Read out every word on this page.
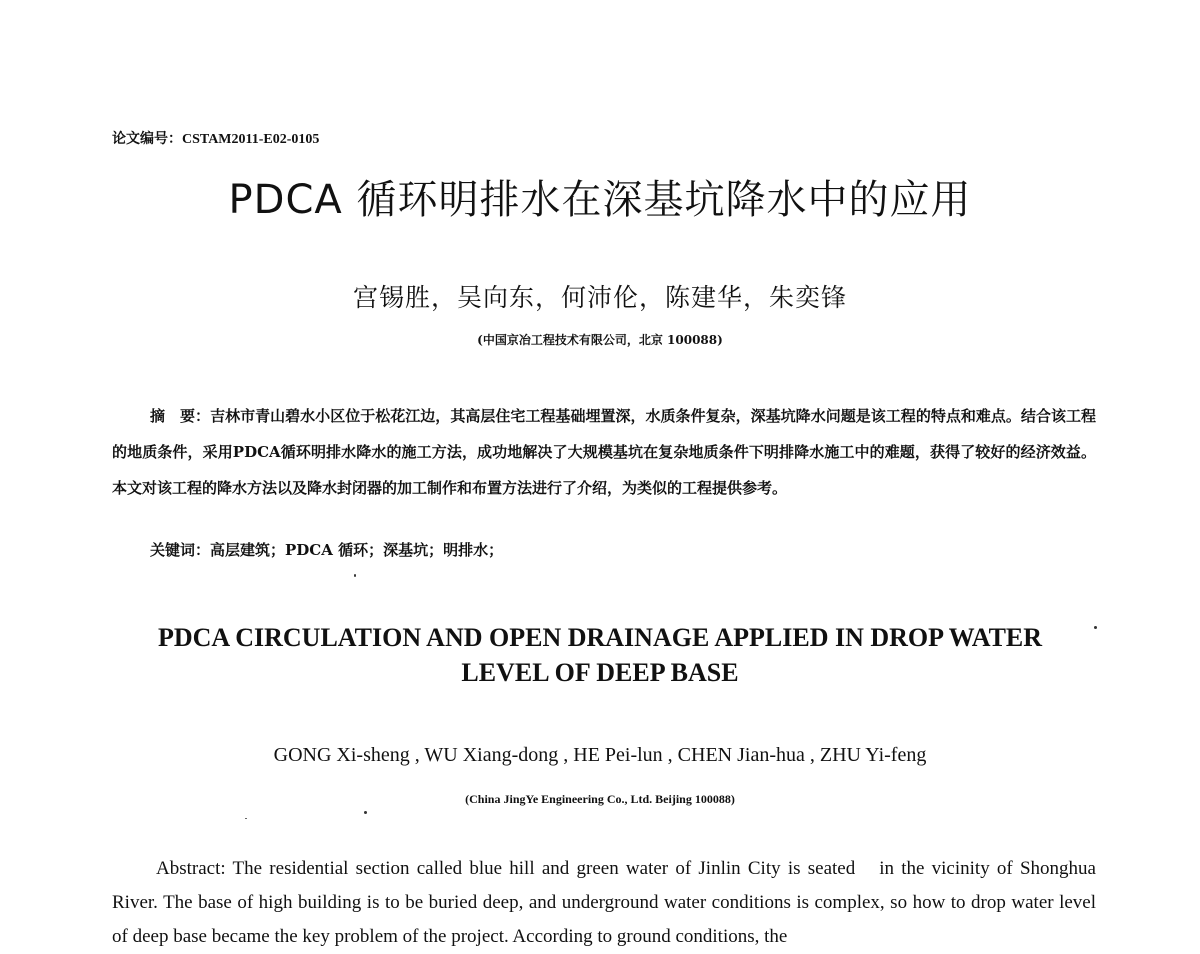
论文编号：CSTAM2011-E02-0105
PDCA 循环明排水在深基坑降水中的应用
宫锡胜，吴向东，何沛伦，陈建华，朱奕锋
(中国京冶工程技术有限公司，北京 100088)

摘　要：吉林市青山碧水小区位于松花江边，其高层住宅工程基础埋置深，水质条件复杂，深基坑降水问题是该工程的特点和难点。结合该工程的地质条件，采用PDCA循环明排水降水的施工方法，成功地解决了大规模基坑在复杂地质条件下明排降水施工中的难题，获得了较好的经济效益。本文对该工程的降水方法以及降水封闭器的加工制作和布置方法进行了介绍，为类似的工程提供参考。

关键词：高层建筑；PDCA 循环；深基坑；明排水；

PDCA CIRCULATION AND OPEN DRAINAGE APPLIED IN DROP WATER
LEVEL OF DEEP BASE
GONG Xi-sheng , WU Xiang-dong , HE Pei-lun , CHEN Jian-hua , ZHU Yi-feng
(China JingYe Engineering Co., Ltd. Beijing 100088)

Abstract: The residential section called blue hill and green water of Jinlin City is seated　in the vicinity of Shonghua River. The base of high building is to be buried deep, and underground water conditions is complex, so how to drop water level of deep base became the key problem of the project. According to ground conditions, the
